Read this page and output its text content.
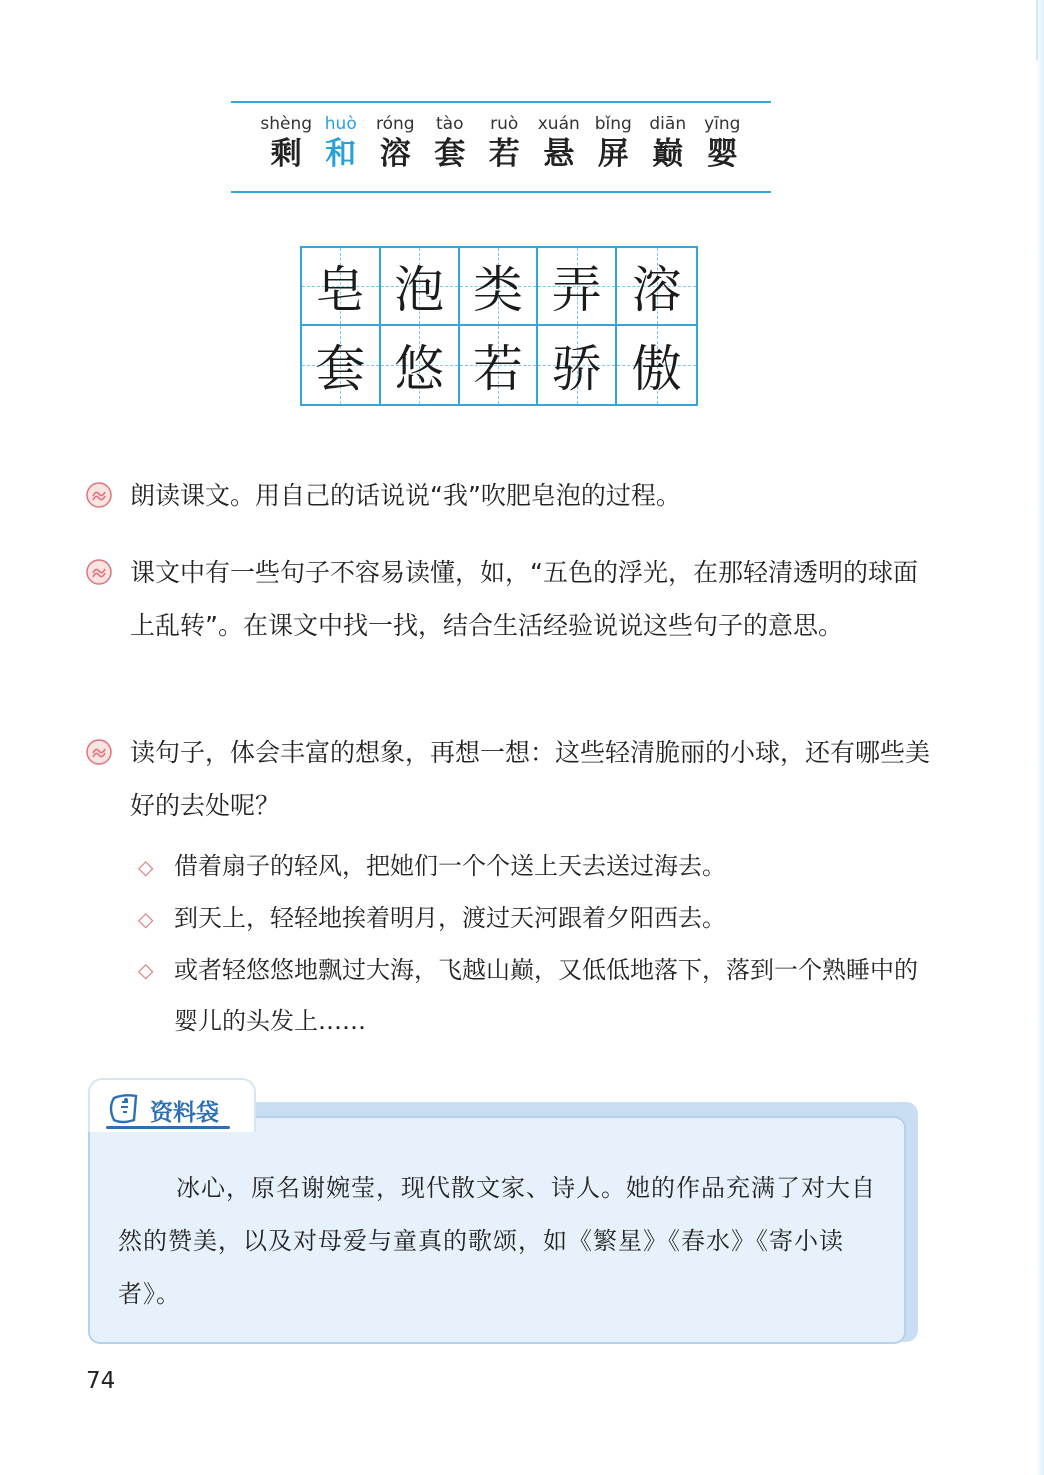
shèng
剩
huò
和
róng
溶
tào
套
ruò
若
xuán
悬
bǐng
屏
diān
巅
yīng
婴
皂 泡 类 弄 溶
套 悠 若 骄 傲
朗读课文。用自己的话说说“我”吹肥皂泡的过程。
课文中有一些句子不容易读懂，如，“五色的浮光，在那轻清透明的球面上乱转”。在课文中找一找，结合生活经验说说这些句子的意思。
读句子，体会丰富的想象，再想一想：这些轻清脆丽的小球，还有哪些美好的去处呢？
◇ 借着扇子的轻风，把她们一个个送上天去送过海去。
◇ 到天上，轻轻地挨着明月，渡过天河跟着夕阳西去。
◇ 或者轻悠悠地飘过大海，飞越山巅，又低低地落下，落到一个熟睡中的婴儿的头发上……
资料袋
冰心，原名谢婉莹，现代散文家、诗人。她的作品充满了对大自然的赞美，以及对母爱与童真的歌颂，如《繁星》《春水》《寄小读者》。
74
